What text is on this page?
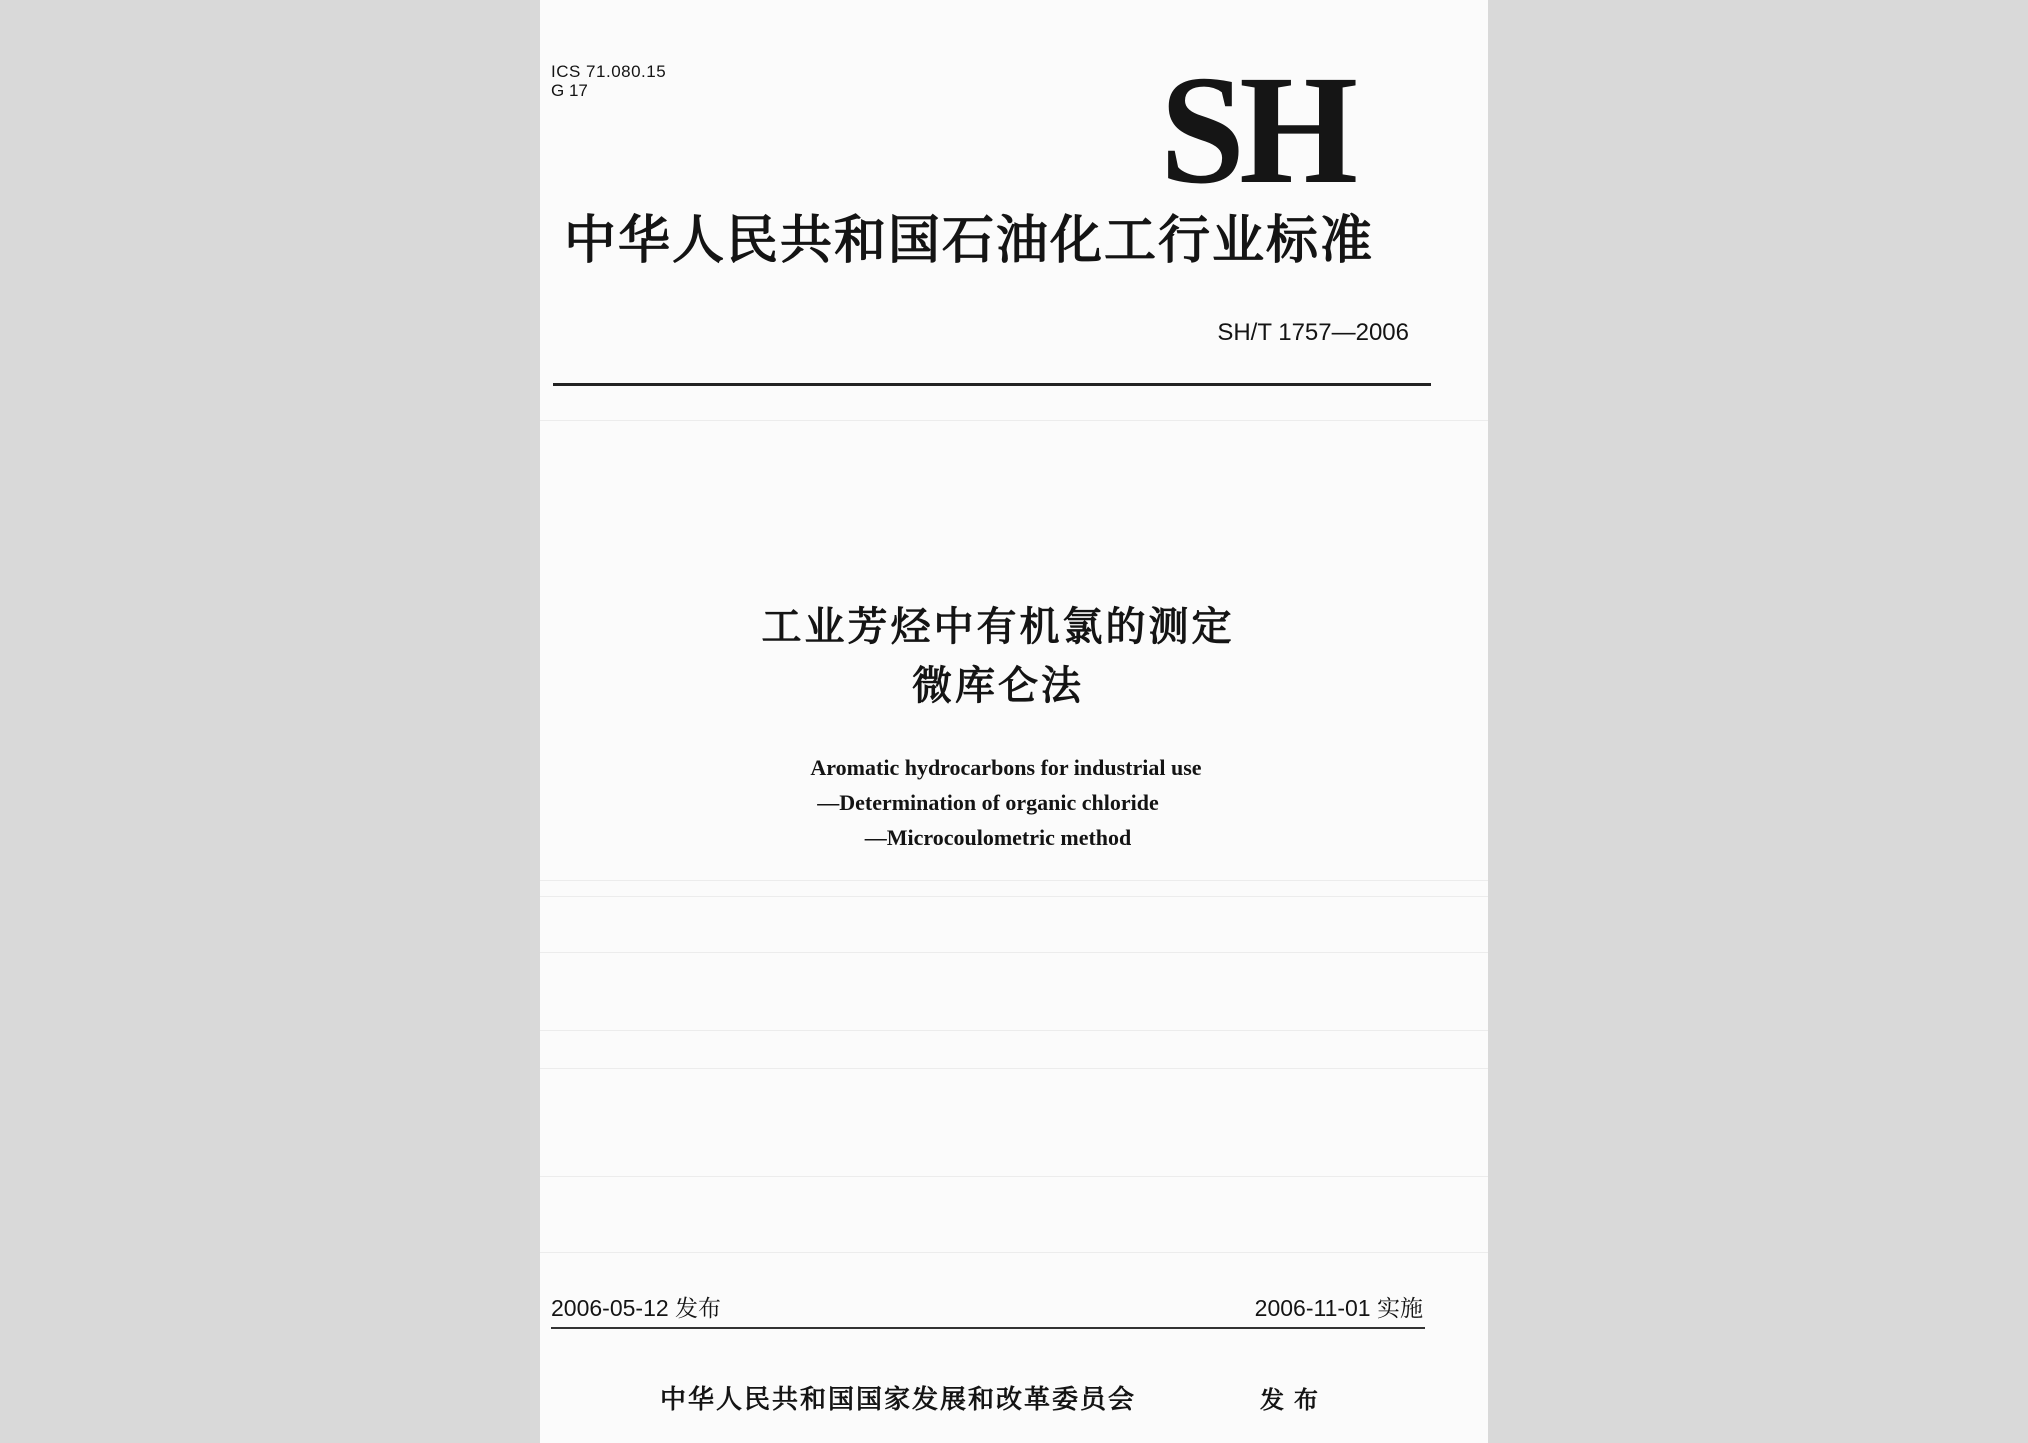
ICS 71.080.15
G 17	SH
中华人民共和国石油化工行业标准
SH/T 1757—2006
工业芳烃中有机氯的测定
微库仑法
Aromatic hydrocarbons for industrial use
—Determination of organic chloride
—Microcoulometric method
2006-05-12 发布	2006-11-01 实施
中华人民共和国国家发展和改革委员会	发布
